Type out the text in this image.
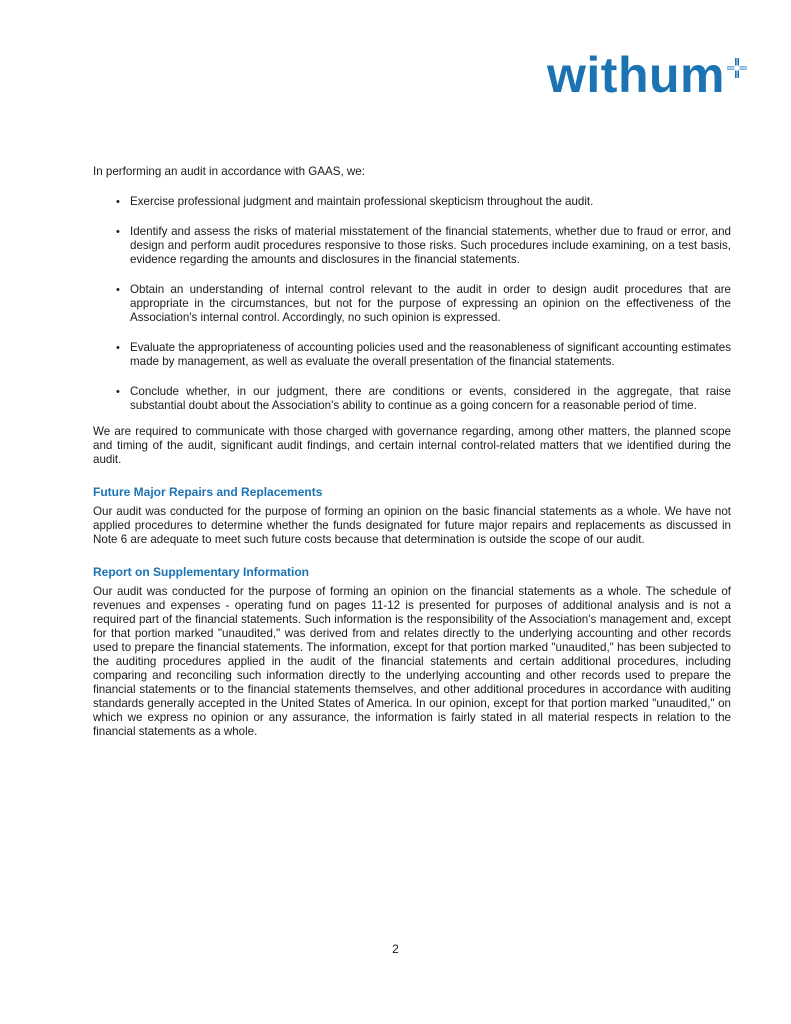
withum

In performing an audit in accordance with GAAS, we:

• Exercise professional judgment and maintain professional skepticism throughout the audit.
• Identify and assess the risks of material misstatement of the financial statements, whether due to fraud or error, and design and perform audit procedures responsive to those risks. Such procedures include examining, on a test basis, evidence regarding the amounts and disclosures in the financial statements.
• Obtain an understanding of internal control relevant to the audit in order to design audit procedures that are appropriate in the circumstances, but not for the purpose of expressing an opinion on the effectiveness of the Association's internal control. Accordingly, no such opinion is expressed.
• Evaluate the appropriateness of accounting policies used and the reasonableness of significant accounting estimates made by management, as well as evaluate the overall presentation of the financial statements.
• Conclude whether, in our judgment, there are conditions or events, considered in the aggregate, that raise substantial doubt about the Association's ability to continue as a going concern for a reasonable period of time.

We are required to communicate with those charged with governance regarding, among other matters, the planned scope and timing of the audit, significant audit findings, and certain internal control-related matters that we identified during the audit.

Future Major Repairs and Replacements

Our audit was conducted for the purpose of forming an opinion on the basic financial statements as a whole. We have not applied procedures to determine whether the funds designated for future major repairs and replacements as discussed in Note 6 are adequate to meet such future costs because that determination is outside the scope of our audit.

Report on Supplementary Information

Our audit was conducted for the purpose of forming an opinion on the financial statements as a whole. The schedule of revenues and expenses - operating fund on pages 11-12 is presented for purposes of additional analysis and is not a required part of the financial statements. Such information is the responsibility of the Association's management and, except for that portion marked "unaudited," was derived from and relates directly to the underlying accounting and other records used to prepare the financial statements. The information, except for that portion marked "unaudited," has been subjected to the auditing procedures applied in the audit of the financial statements and certain additional procedures, including comparing and reconciling such information directly to the underlying accounting and other records used to prepare the financial statements or to the financial statements themselves, and other additional procedures in accordance with auditing standards generally accepted in the United States of America. In our opinion, except for that portion marked "unaudited," on which we express no opinion or any assurance, the information is fairly stated in all material respects in relation to the financial statements as a whole.

2
